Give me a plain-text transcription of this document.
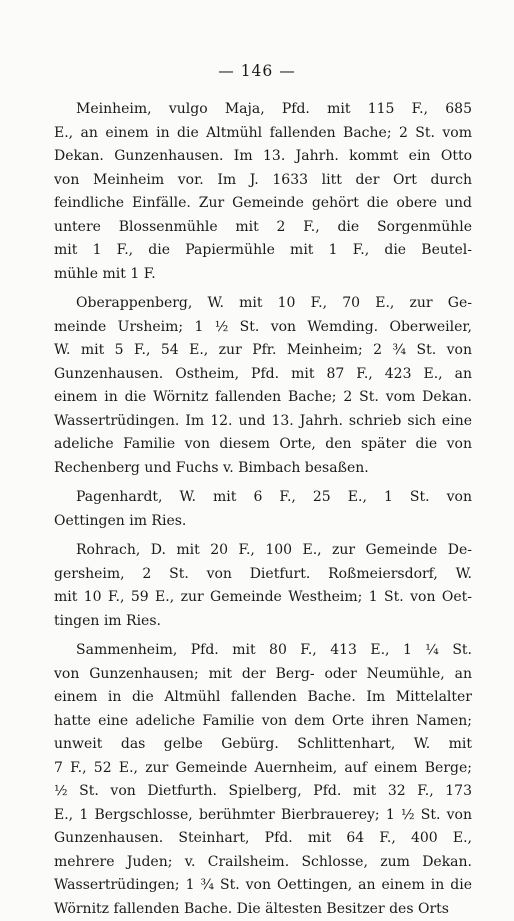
— 146 —
Meinheim, vulgo Maja, Pfd. mit 115 F., 685
E., an einem in die Altmühl fallenden Bache; 2 St. vom
Dekan. Gunzenhausen. Im 13. Jahrh. kommt ein Otto
von Meinheim vor. Im J. 1633 litt der Ort durch
feindliche Einfälle. Zur Gemeinde gehört die obere und
untere Blossenmühle mit 2 F., die Sorgenmühle
mit 1 F., die Papiermühle mit 1 F., die Beutel-
mühle mit 1 F.
Oberappenberg, W. mit 10 F., 70 E., zur Ge-
meinde Ursheim; 1 ½ St. von Wemding. Oberweiler,
W. mit 5 F., 54 E., zur Pfr. Meinheim; 2 ¾ St. von
Gunzenhausen. Ostheim, Pfd. mit 87 F., 423 E., an
einem in die Wörnitz fallenden Bache; 2 St. vom Dekan.
Wassertrüdingen. Im 12. und 13. Jahrh. schrieb sich eine
adeliche Familie von diesem Orte, den später die von
Rechenberg und Fuchs v. Bimbach besaßen.
Pagenhardt, W. mit 6 F., 25 E., 1 St. von
Oettingen im Ries.
Rohrach, D. mit 20 F., 100 E., zur Gemeinde De-
gersheim, 2 St. von Dietfurt. Roßmeiersdorf, W.
mit 10 F., 59 E., zur Gemeinde Westheim; 1 St. von Oet-
tingen im Ries.
Sammenheim, Pfd. mit 80 F., 413 E., 1 ¼ St.
von Gunzenhausen; mit der Berg- oder Neumühle, an
einem in die Altmühl fallenden Bache. Im Mittelalter
hatte eine adeliche Familie von dem Orte ihren Namen;
unweit das gelbe Gebürg. Schlittenhart, W. mit
7 F., 52 E., zur Gemeinde Auernheim, auf einem Berge;
½ St. von Dietfurth. Spielberg, Pfd. mit 32 F., 173
E., 1 Bergschlosse, berühmter Bierbrauerey; 1 ½ St. von
Gunzenhausen. Steinhart, Pfd. mit 64 F., 400 E.,
mehrere Juden; v. Crailsheim. Schlosse, zum Dekan.
Wassertrüdingen; 1 ¾ St. von Oettingen, an einem in die
Wörnitz fallenden Bache. Die ältesten Besitzer des Orts
